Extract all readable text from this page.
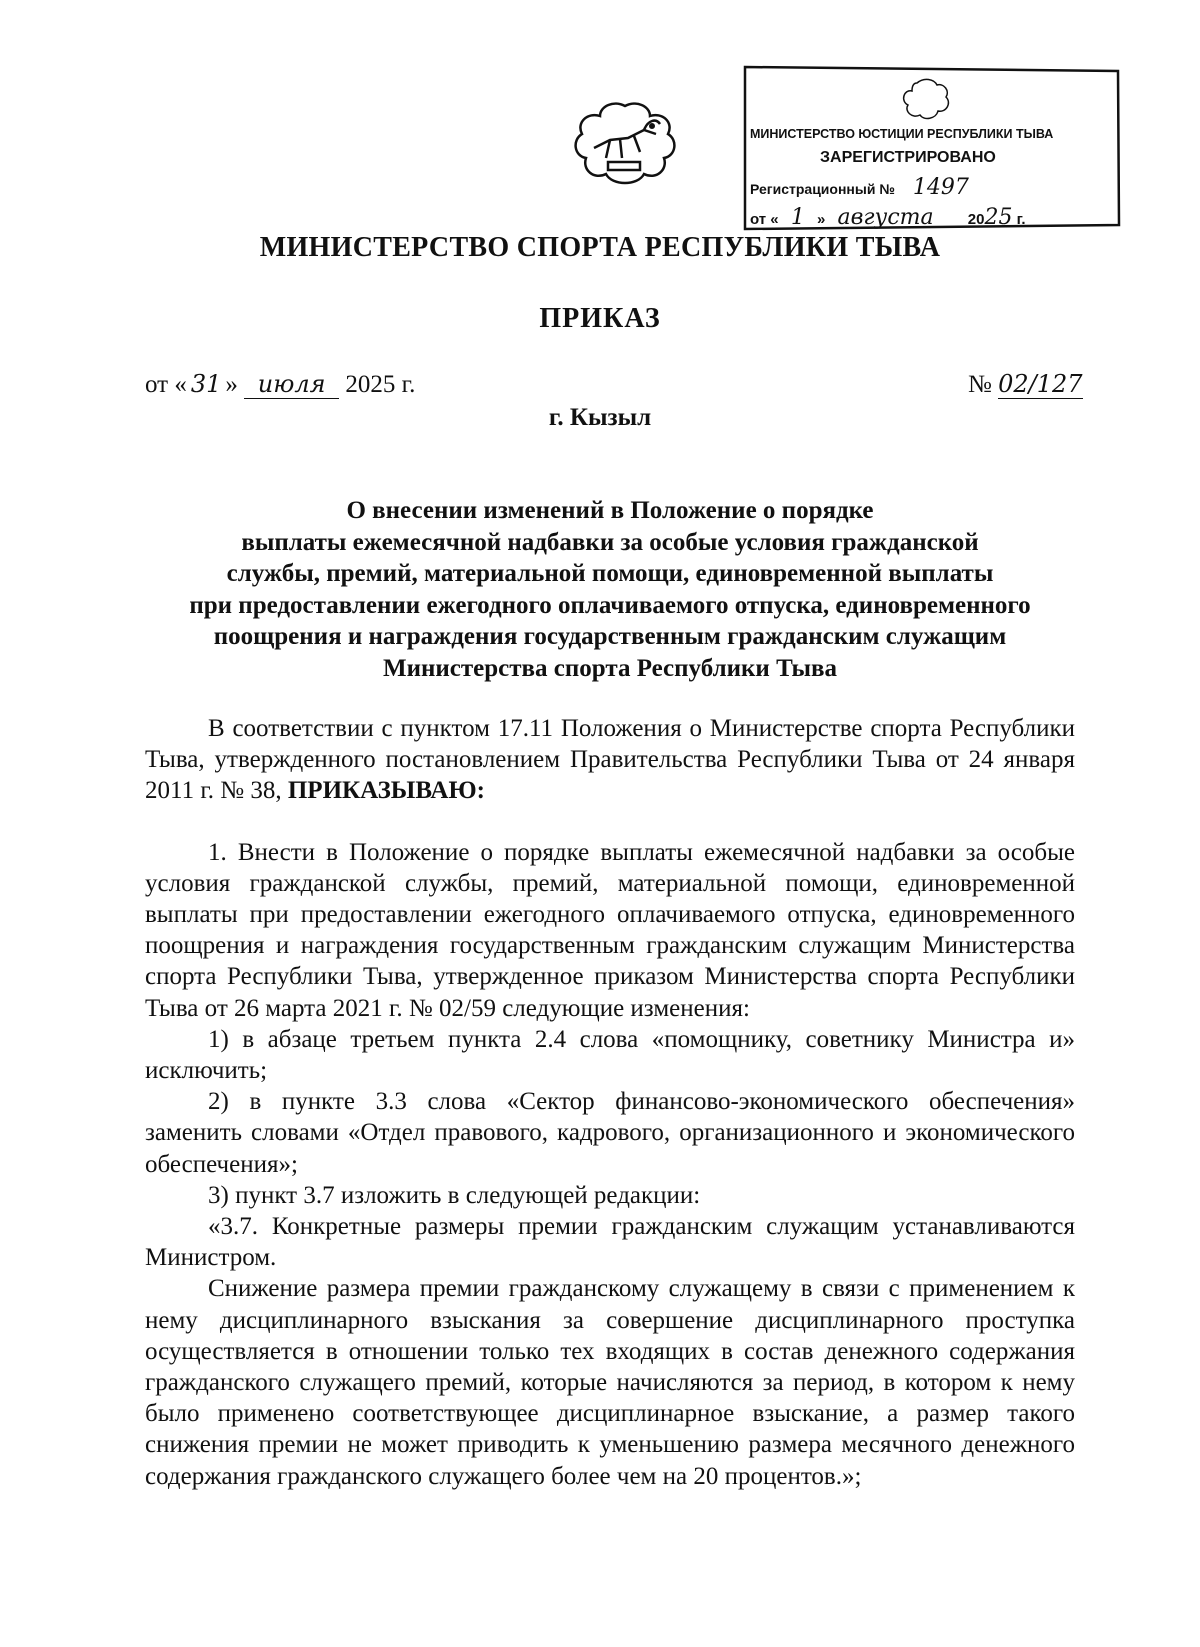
МИНИСТЕРСТВО ЮСТИЦИИ РЕСПУБЛИКИ ТЫВА
ЗАРЕГИСТРИРОВАНО
Регистрационный № 1497
от « 1 » августа 2025 г.
МИНИСТЕРСТВО СПОРТА РЕСПУБЛИКИ ТЫВА
ПРИКАЗ
от « 31 » июля 2025 г.	№ 02/127
г. Кызыл
О внесении изменений в Положение о порядке
выплаты ежемесячной надбавки за особые условия гражданской
службы, премий, материальной помощи, единовременной выплаты
при предоставлении ежегодного оплачиваемого отпуска, единовременного
поощрения и награждения государственным гражданским служащим
Министерства спорта Республики Тыва

В соответствии с пунктом 17.11 Положения о Министерстве спорта Республики Тыва, утвержденного постановлением Правительства Республики Тыва от 24 января 2011 г. № 38, ПРИКАЗЫВАЮ:

1. Внести в Положение о порядке выплаты ежемесячной надбавки за особые условия гражданской службы, премий, материальной помощи, единовременной выплаты при предоставлении ежегодного оплачиваемого отпуска, единовременного поощрения и награждения государственным гражданским служащим Министерства спорта Республики Тыва, утвержденное приказом Министерства спорта Республики Тыва от 26 марта 2021 г. № 02/59 следующие изменения:

1) в абзаце третьем пункта 2.4 слова «помощнику, советнику Министра и» исключить;

2) в пункте 3.3 слова «Сектор финансово-экономического обеспечения» заменить словами «Отдел правового, кадрового, организационного и экономического обеспечения»;

3) пункт 3.7 изложить в следующей редакции:

«3.7. Конкретные размеры премии гражданским служащим устанавливаются Министром.

Снижение размера премии гражданскому служащему в связи с применением к нему дисциплинарного взыскания за совершение дисциплинарного проступка осуществляется в отношении только тех входящих в состав денежного содержания гражданского служащего премий, которые начисляются за период, в котором к нему было применено соответствующее дисциплинарное взыскание, а размер такого снижения премии не может приводить к уменьшению размера месячного денежного содержания гражданского служащего более чем на 20 процентов.»;
